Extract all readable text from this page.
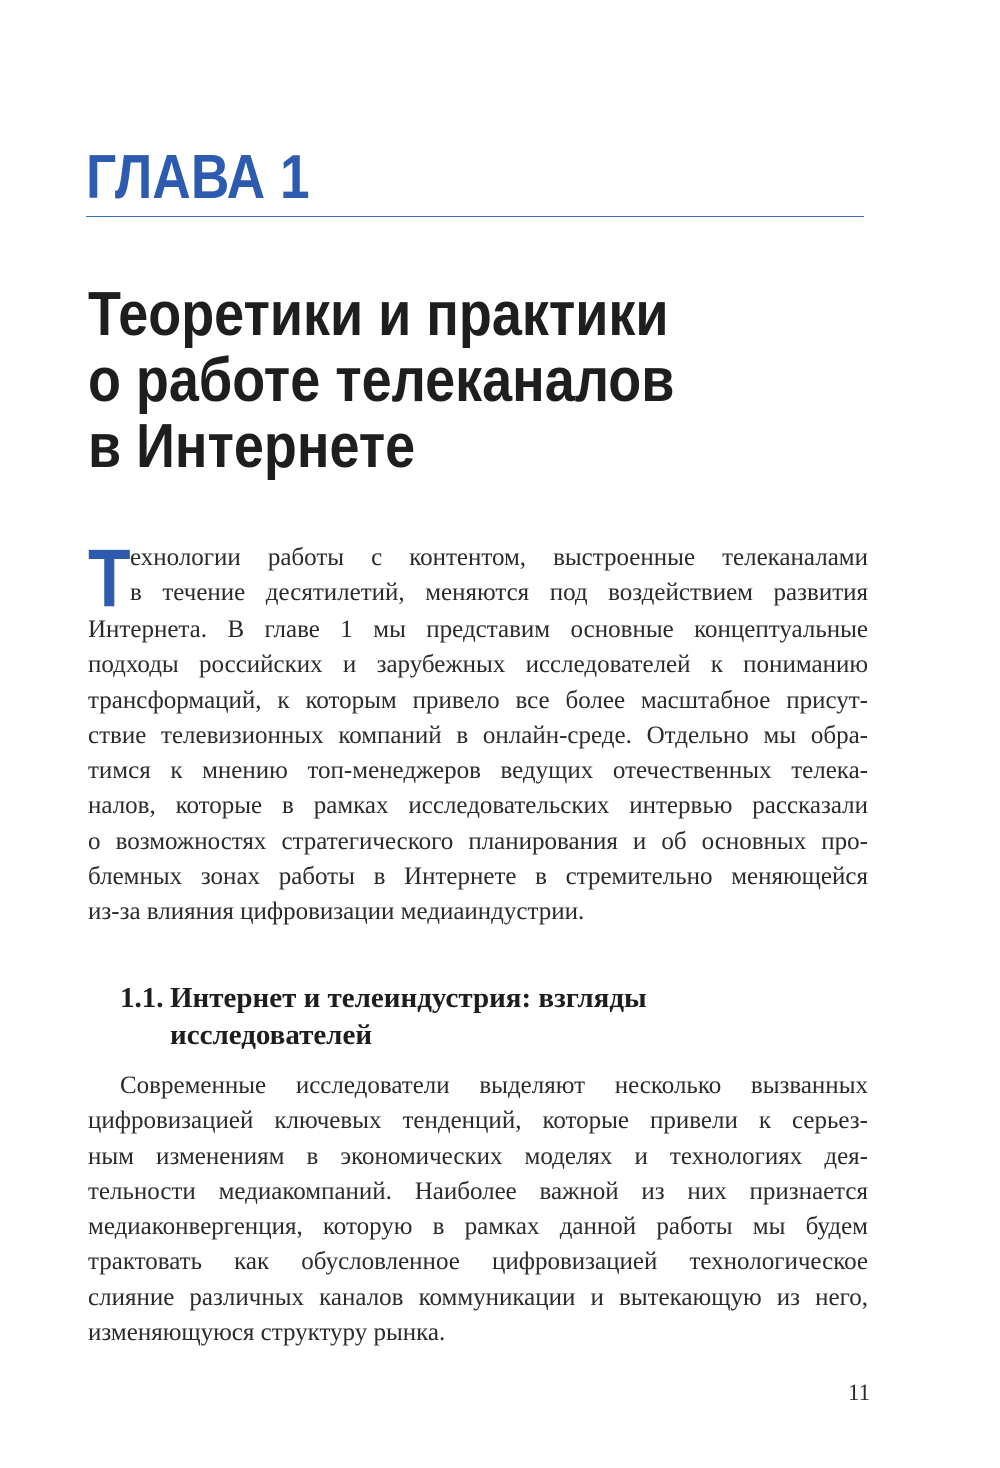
ГЛАВА 1
Теоретики и практики
о работе телеканалов
в Интернете
Т ехнологии работы с контентом, выстроенные телеканалами
в течение десятилетий, меняются под воздействием развития
Интернета. В главе 1 мы представим основные концептуальные
подходы российских и зарубежных исследователей к пониманию
трансформаций, к которым привело все более масштабное присут-
ствие телевизионных компаний в онлайн-среде. Отдельно мы обра-
тимся к мнению топ-менеджеров ведущих отечественных телека-
налов, которые в рамках исследовательских интервью рассказали
о возможностях стратегического планирования и об основных про-
блемных зонах работы в Интернете в стремительно меняющейся
из-за влияния цифровизации медиаиндустрии.
1.1. Интернет и телеиндустрия: взгляды
исследователей
Современные исследователи выделяют несколько вызванных
цифровизацией ключевых тенденций, которые привели к серьез-
ным изменениям в экономических моделях и технологиях дея-
тельности медиакомпаний. Наиболее важной из них признается
медиаконвергенция, которую в рамках данной работы мы будем
трактовать как обусловленное цифровизацией технологическое
слияние различных каналов коммуникации и вытекающую из него,
изменяющуюся структуру рынка.
11
